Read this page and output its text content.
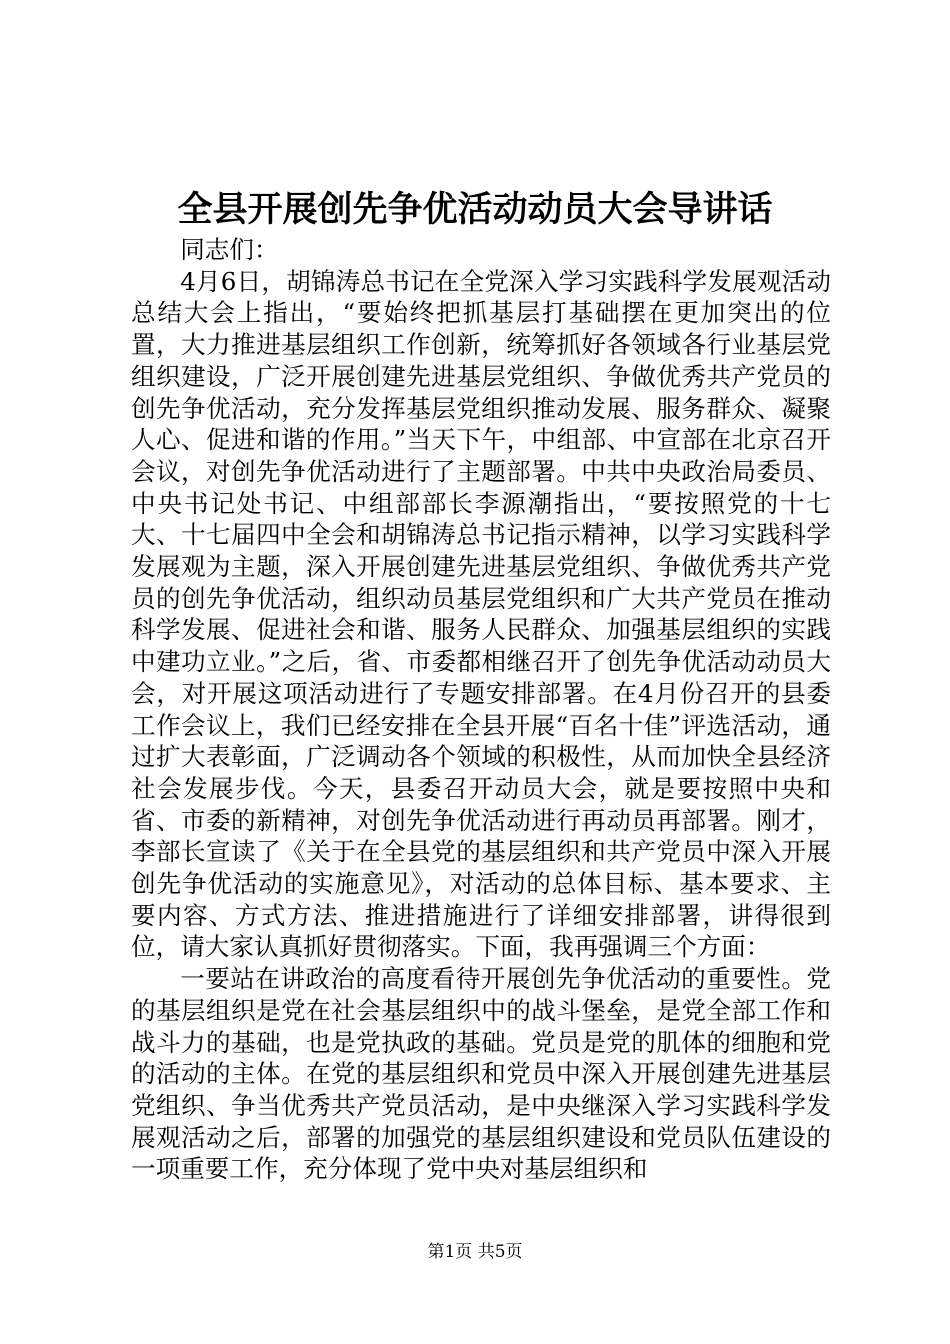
全县开展创先争优活动动员大会导讲话

同志们：

4月6日，胡锦涛总书记在全党深入学习实践科学发展观活动总结大会上指出，“要始终把抓基层打基础摆在更加突出的位置，大力推进基层组织工作创新，统筹抓好各领域各行业基层党组织建设，广泛开展创建先进基层党组织、争做优秀共产党员的创先争优活动，充分发挥基层党组织推动发展、服务群众、凝聚人心、促进和谐的作用。”当天下午，中组部、中宣部在北京召开会议，对创先争优活动进行了主题部署。中共中央政治局委员、中央书记处书记、中组部部长李源潮指出，“要按照党的十七大、十七届四中全会和胡锦涛总书记指示精神，以学习实践科学发展观为主题，深入开展创建先进基层党组织、争做优秀共产党员的创先争优活动，组织动员基层党组织和广大共产党员在推动科学发展、促进社会和谐、服务人民群众、加强基层组织的实践中建功立业。”之后，省、市委都相继召开了创先争优活动动员大会，对开展这项活动进行了专题安排部署。在4月份召开的县委工作会议上，我们已经安排在全县开展“百名十佳”评选活动，通过扩大表彰面，广泛调动各个领域的积极性，从而加快全县经济社会发展步伐。今天，县委召开动员大会，就是要按照中央和省、市委的新精神，对创先争优活动进行再动员再部署。刚才，李部长宣读了《关于在全县党的基层组织和共产党员中深入开展创先争优活动的实施意见》，对活动的总体目标、基本要求、主要内容、方式方法、推进措施进行了详细安排部署，讲得很到位，请大家认真抓好贯彻落实。下面，我再强调三个方面：

一要站在讲政治的高度看待开展创先争优活动的重要性。党的基层组织是党在社会基层组织中的战斗堡垒，是党全部工作和战斗力的基础，也是党执政的基础。党员是党的肌体的细胞和党的活动的主体。在党的基层组织和党员中深入开展创建先进基层党组织、争当优秀共产党员活动，是中央继深入学习实践科学发展观活动之后，部署的加强党的基层组织建设和党员队伍建设的一项重要工作，充分体现了党中央对基层组织和

第1页 共5页
